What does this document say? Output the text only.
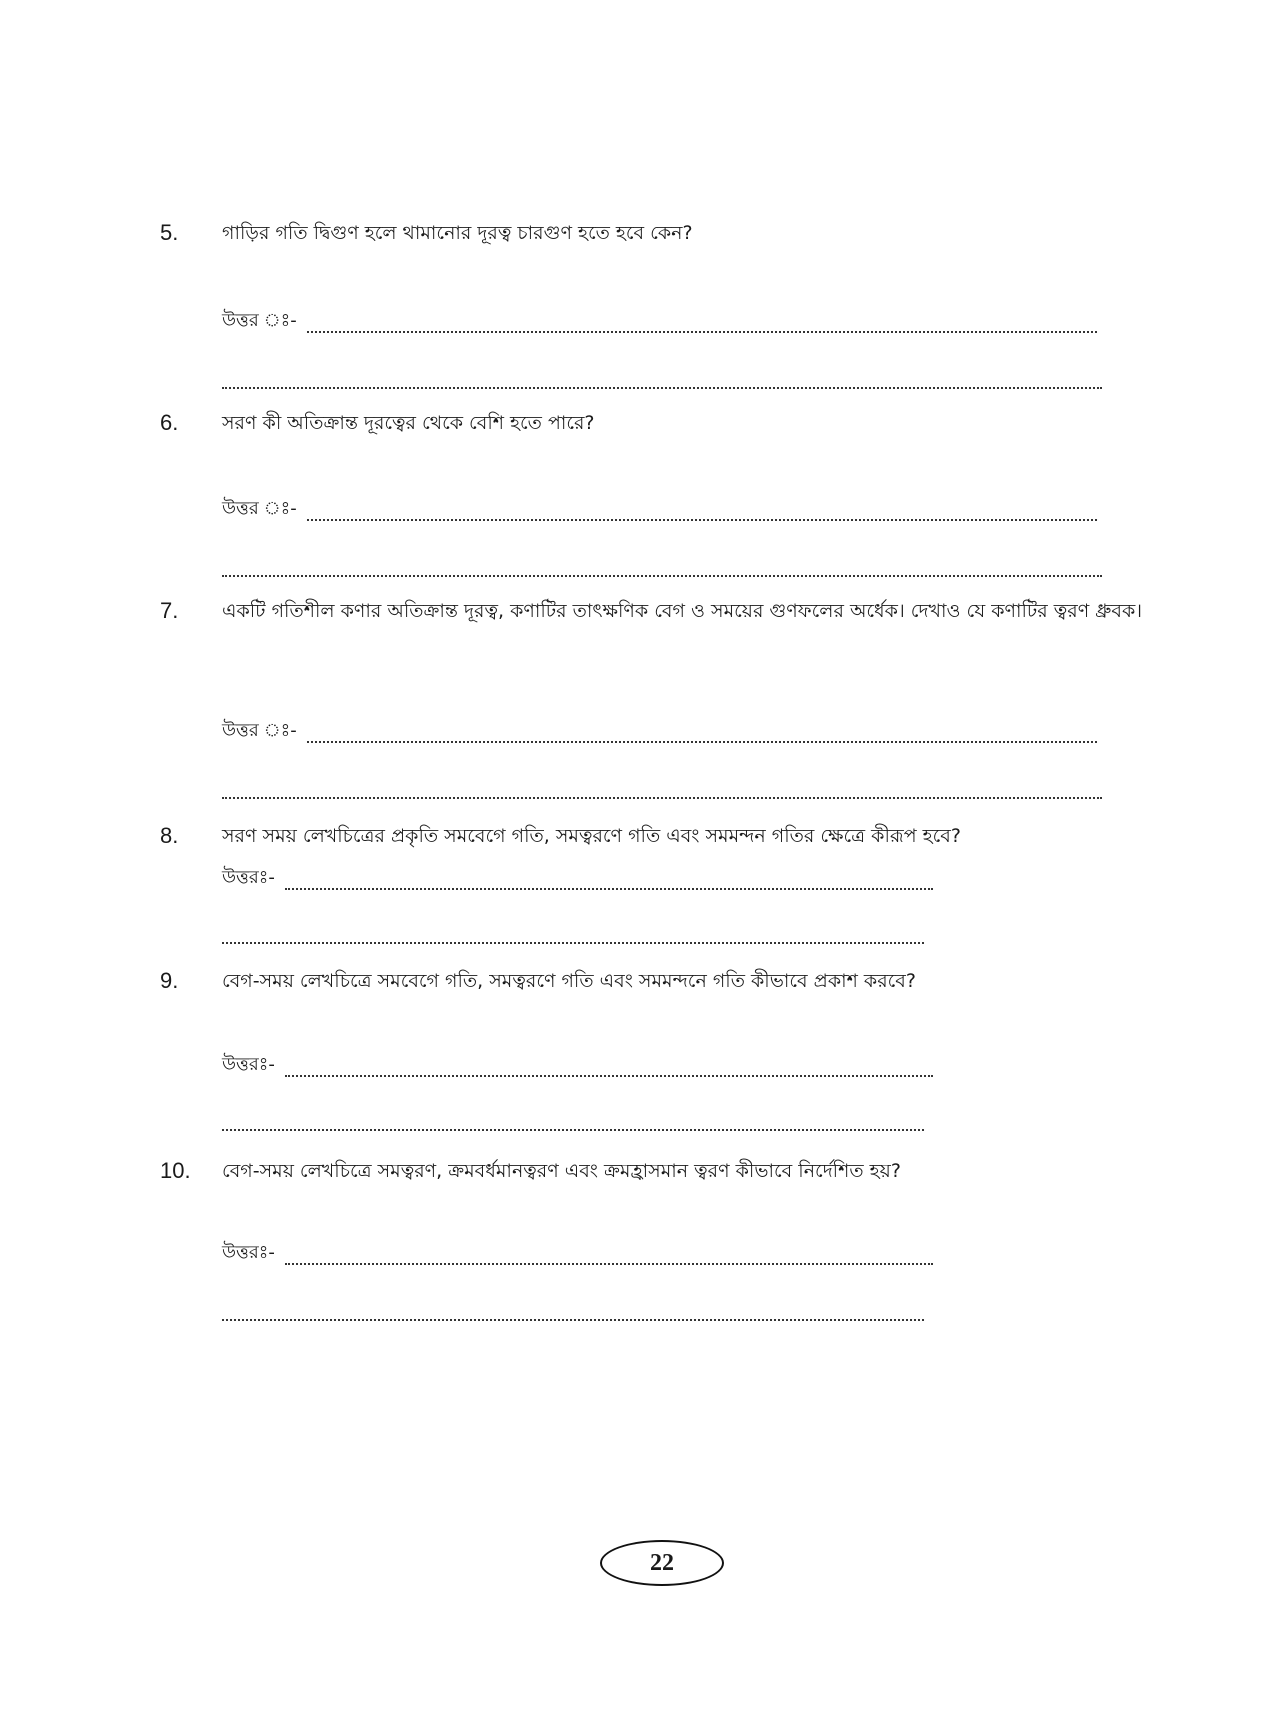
5. গাড়ির গতি দ্বিগুণ হলে থামানোর দূরত্ব চারগুণ হতে হবে কেন?
উত্তর ঃ-
6. সরণ কী অতিক্রান্ত দূরত্বের থেকে বেশি হতে পারে?
উত্তর ঃ-
7. একটি গতিশীল কণার অতিক্রান্ত দূরত্ব, কণাটির তাৎক্ষণিক বেগ ও সময়ের গুণফলের অর্ধেক। দেখাও যে কণাটির ত্বরণ ধ্রুবক।
উত্তর ঃ-
8. সরণ সময় লেখচিত্রের প্রকৃতি সমবেগে গতি, সমত্বরণে গতি এবং সমমন্দন গতির ক্ষেত্রে কীরূপ হবে?
উত্তরঃ-
9. বেগ-সময় লেখচিত্রে সমবেগে গতি, সমত্বরণে গতি এবং সমমন্দনে গতি কীভাবে প্রকাশ করবে?
উত্তরঃ-
10. বেগ-সময় লেখচিত্রে সমত্বরণ, ক্রমবর্ধমানত্বরণ এবং ক্রমহ্রাসমান ত্বরণ কীভাবে নির্দেশিত হয়?
উত্তরঃ-
22
